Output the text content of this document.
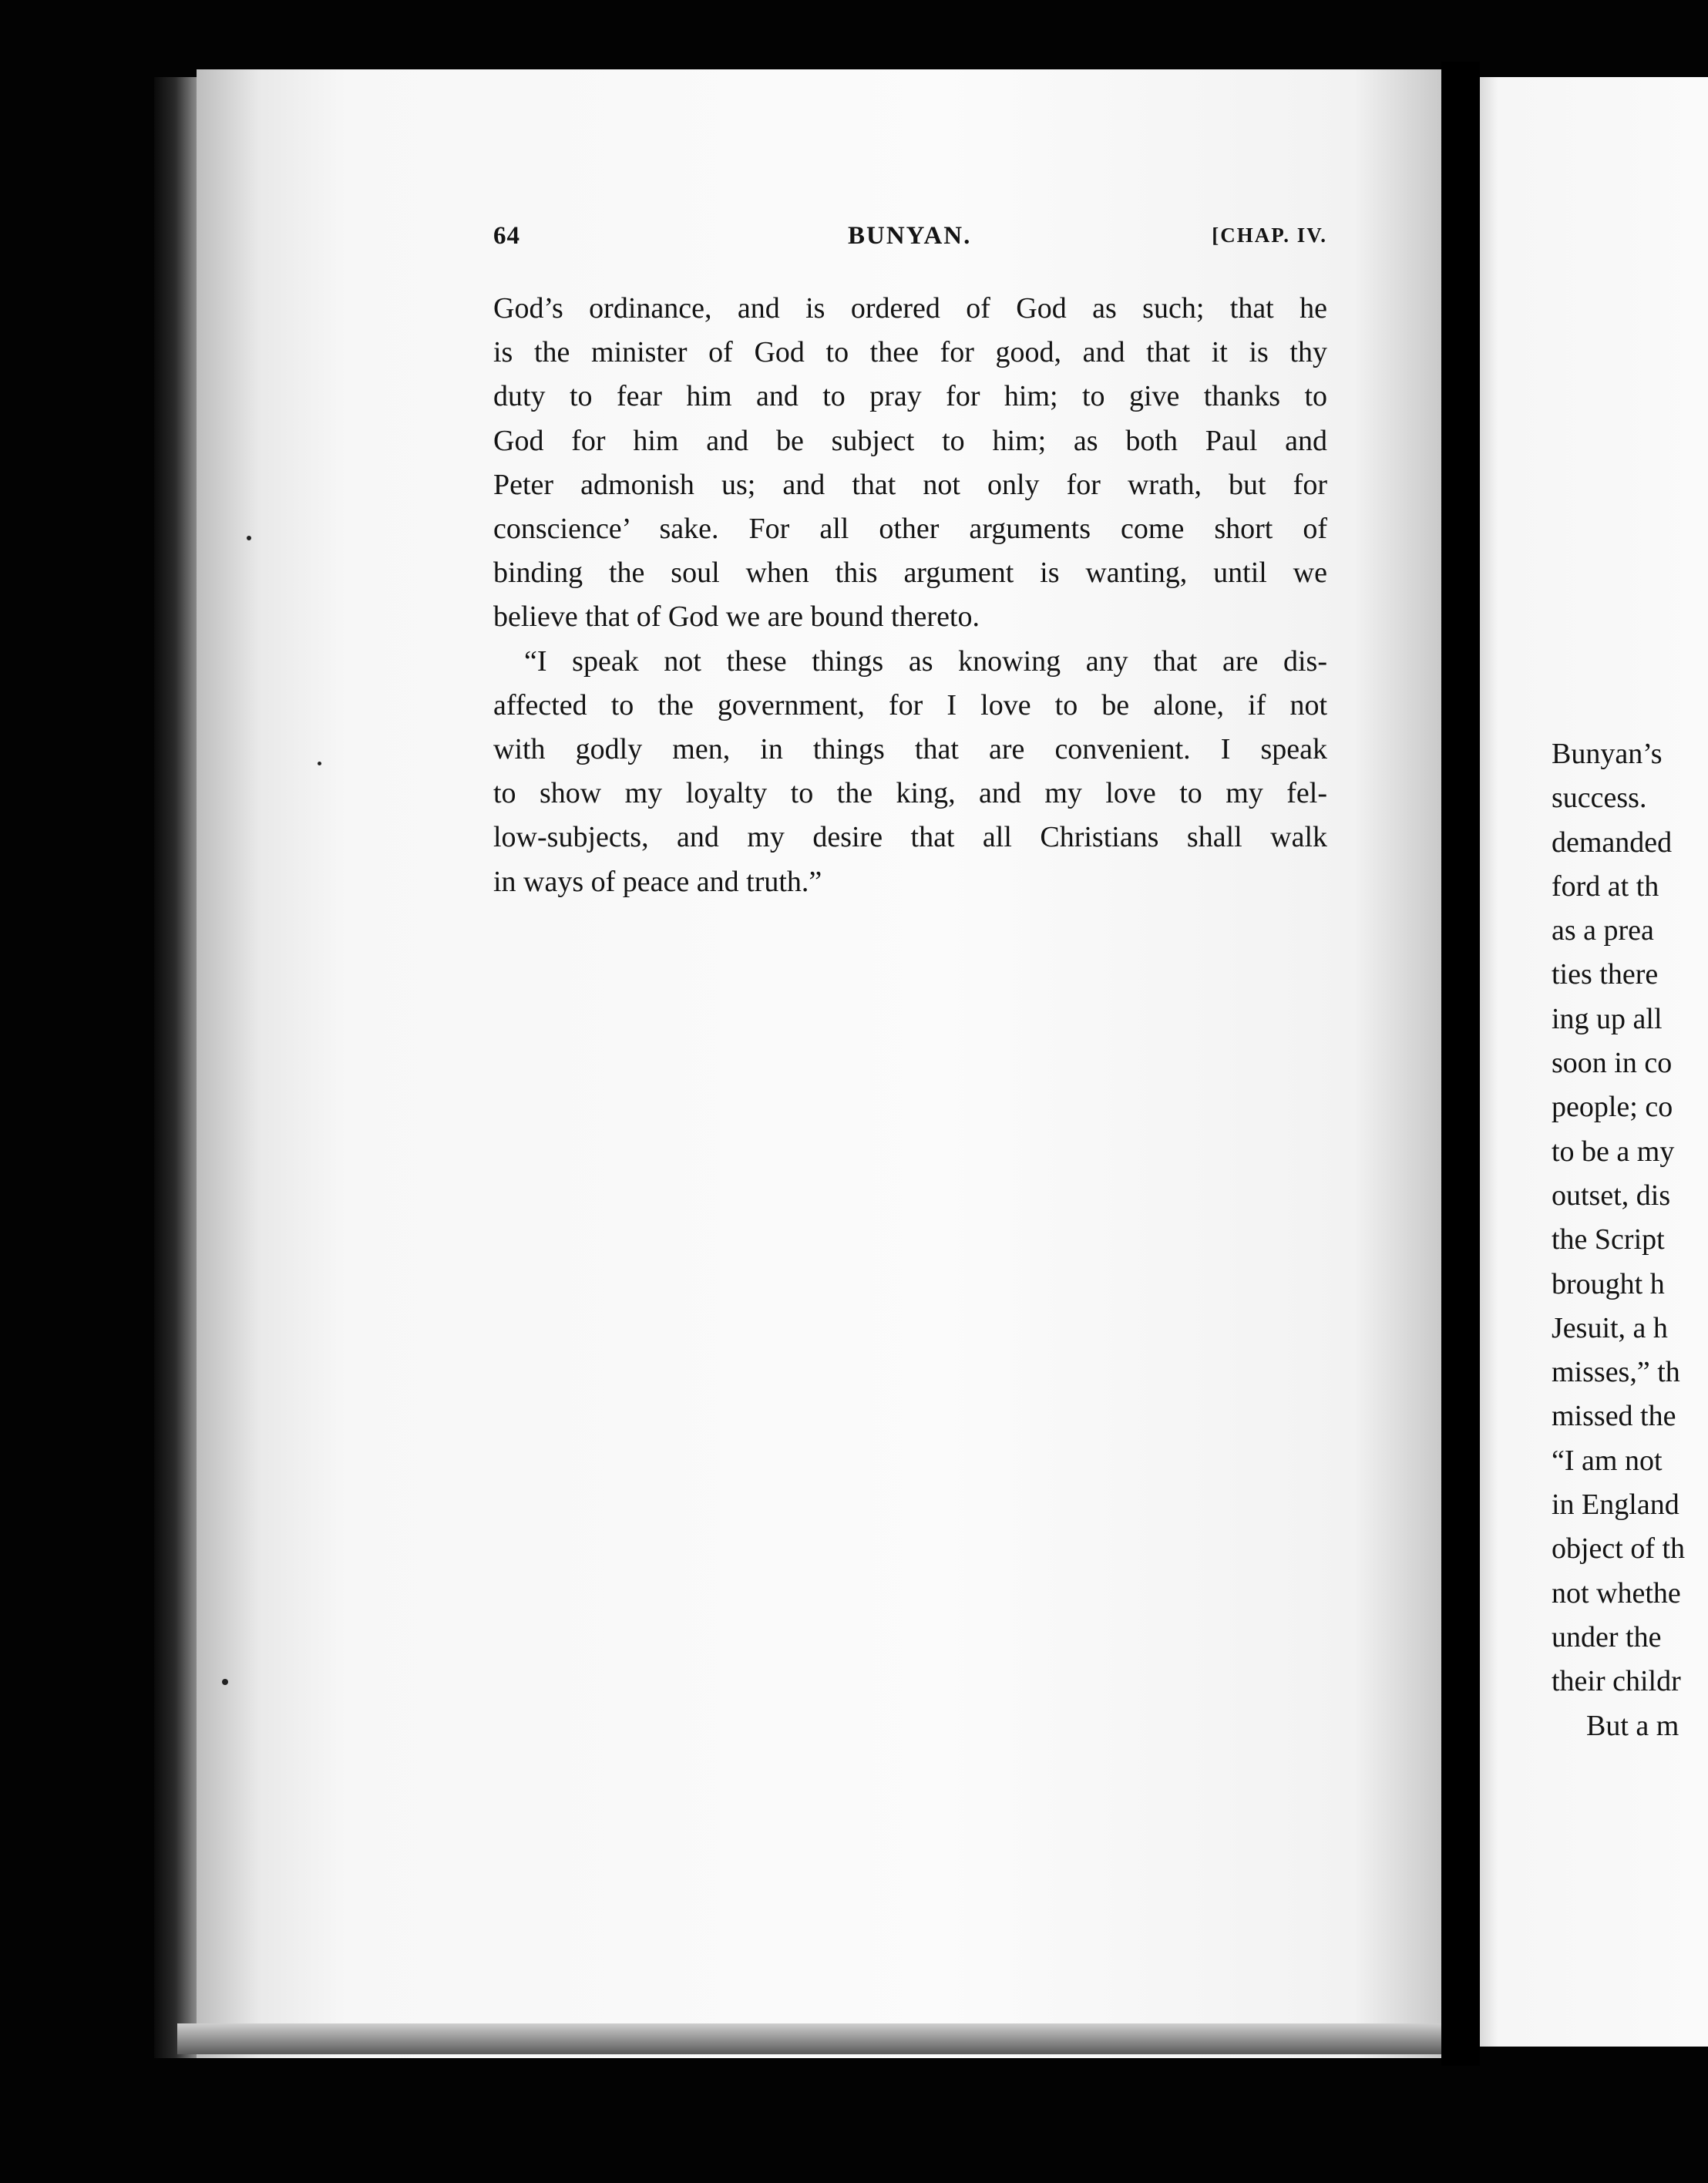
64	BUNYAN.	[CHAP. IV.

God’s ordinance, and is ordered of God as such; that he
is the minister of God to thee for good, and that it is thy
duty to fear him and to pray for him; to give thanks to
God for him and be subject to him; as both Paul and
Peter admonish us; and that not only for wrath, but for
conscience’ sake. For all other arguments come short of
binding the soul when this argument is wanting, until we
believe that of God we are bound thereto.

“I speak not these things as knowing any that are dis-
affected to the government, for I love to be alone, if not
with godly men, in things that are convenient. I speak
to show my loyalty to the king, and my love to my fel-
low-subjects, and my desire that all Christians shall walk
in ways of peace and truth.”

Bunyan’s
success.
demanded
ford at th
as a prea
ties there
ing up all
soon in co
people; co
to be a my
outset, dis
the Script
brought h
Jesuit, a h
misses,” th
missed the
“I am not
in England
object of th
not whethe
under the
their childr
But a m
